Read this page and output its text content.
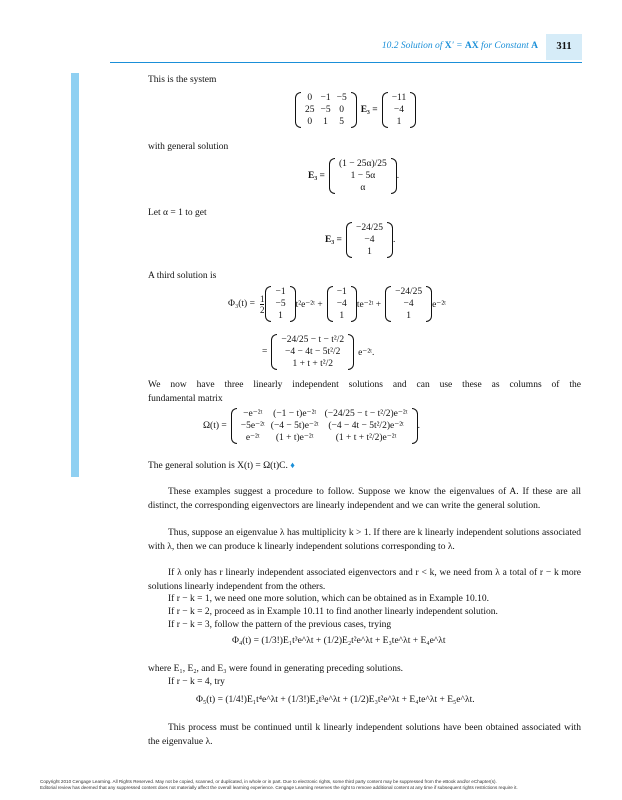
10.2 Solution of X′ = AX for Constant A	311
This is the system
0	−1	−5
25	−5	0
0	1	5
E₃ =
−11
−4
1
with general solution
E₃ =
(1 − 25α)/25
1 − 5α
α
.
Let α = 1 to get
E₃ =
−24/25
−4
1
.
A third solution is
$\Phi_3(t) = \frac{1}{2}$
−1
−5
1
t²e⁻²ᵗ +
−1
−4
1
te⁻²ᵗ +
−24/25
−4
1
e⁻²ᵗ
=
−24/25 − t − t²/2
−4 − 4t − 5t²/2
1 + t + t²/2
e⁻²ᵗ.
We now have three linearly independent solutions and can use these as columns of the
fundamental matrix
Ω(t) =
−e⁻²ᵗ	(−1 − t)e⁻²ᵗ	(−24/25 − t − t²/2)e⁻²ᵗ
−5e⁻²ᵗ	(−4 − 5t)e⁻²ᵗ	(−4 − 4t − 5t²/2)e⁻²ᵗ
e⁻²ᵗ	(1 + t)e⁻²ᵗ	(1 + t + t²/2)e⁻²ᵗ
.
The general solution is X(t) = Ω(t)C. ♦
These examples suggest a procedure to follow. Suppose we know the eigenvalues of A. If these are all distinct, the corresponding eigenvectors are linearly independent and we can write the general solution.
Thus, suppose an eigenvalue λ has multiplicity k > 1. If there are k linearly independent solutions associated with λ, then we can produce k linearly independent solutions corresponding to λ.
If λ only has r linearly independent associated eigenvectors and r < k, we need from λ a total of r − k more solutions linearly independent from the others.
If r − k = 1, we need one more solution, which can be obtained as in Example 10.10.
If r − k = 2, proceed as in Example 10.11 to find another linearly independent solution.
If r − k = 3, follow the pattern of the previous cases, trying
Φ₄(t) = (1/3!)E₁t³e^λt + (1/2)E₂t²e^λt + E₃te^λt + E₄e^λt
where E₁, E₂, and E₃ were found in generating preceding solutions.
If r − k = 4, try
Φ₅(t) = (1/4!)E₁t⁴e^λt + (1/3!)E₂t³e^λt + (1/2)E₃t²e^λt + E₄te^λt + E₅e^λt.
This process must be continued until k linearly independent solutions have been obtained associated with the eigenvalue λ.
Copyright 2010 Cengage Learning. All Rights Reserved. May not be copied, scanned, or duplicated, in whole or in part. Due to electronic rights, some third party content may be suppressed from the eBook and/or eChapter(s).
Editorial review has deemed that any suppressed content does not materially affect the overall learning experience. Cengage Learning reserves the right to remove additional content at any time if subsequent rights restrictions require it.
